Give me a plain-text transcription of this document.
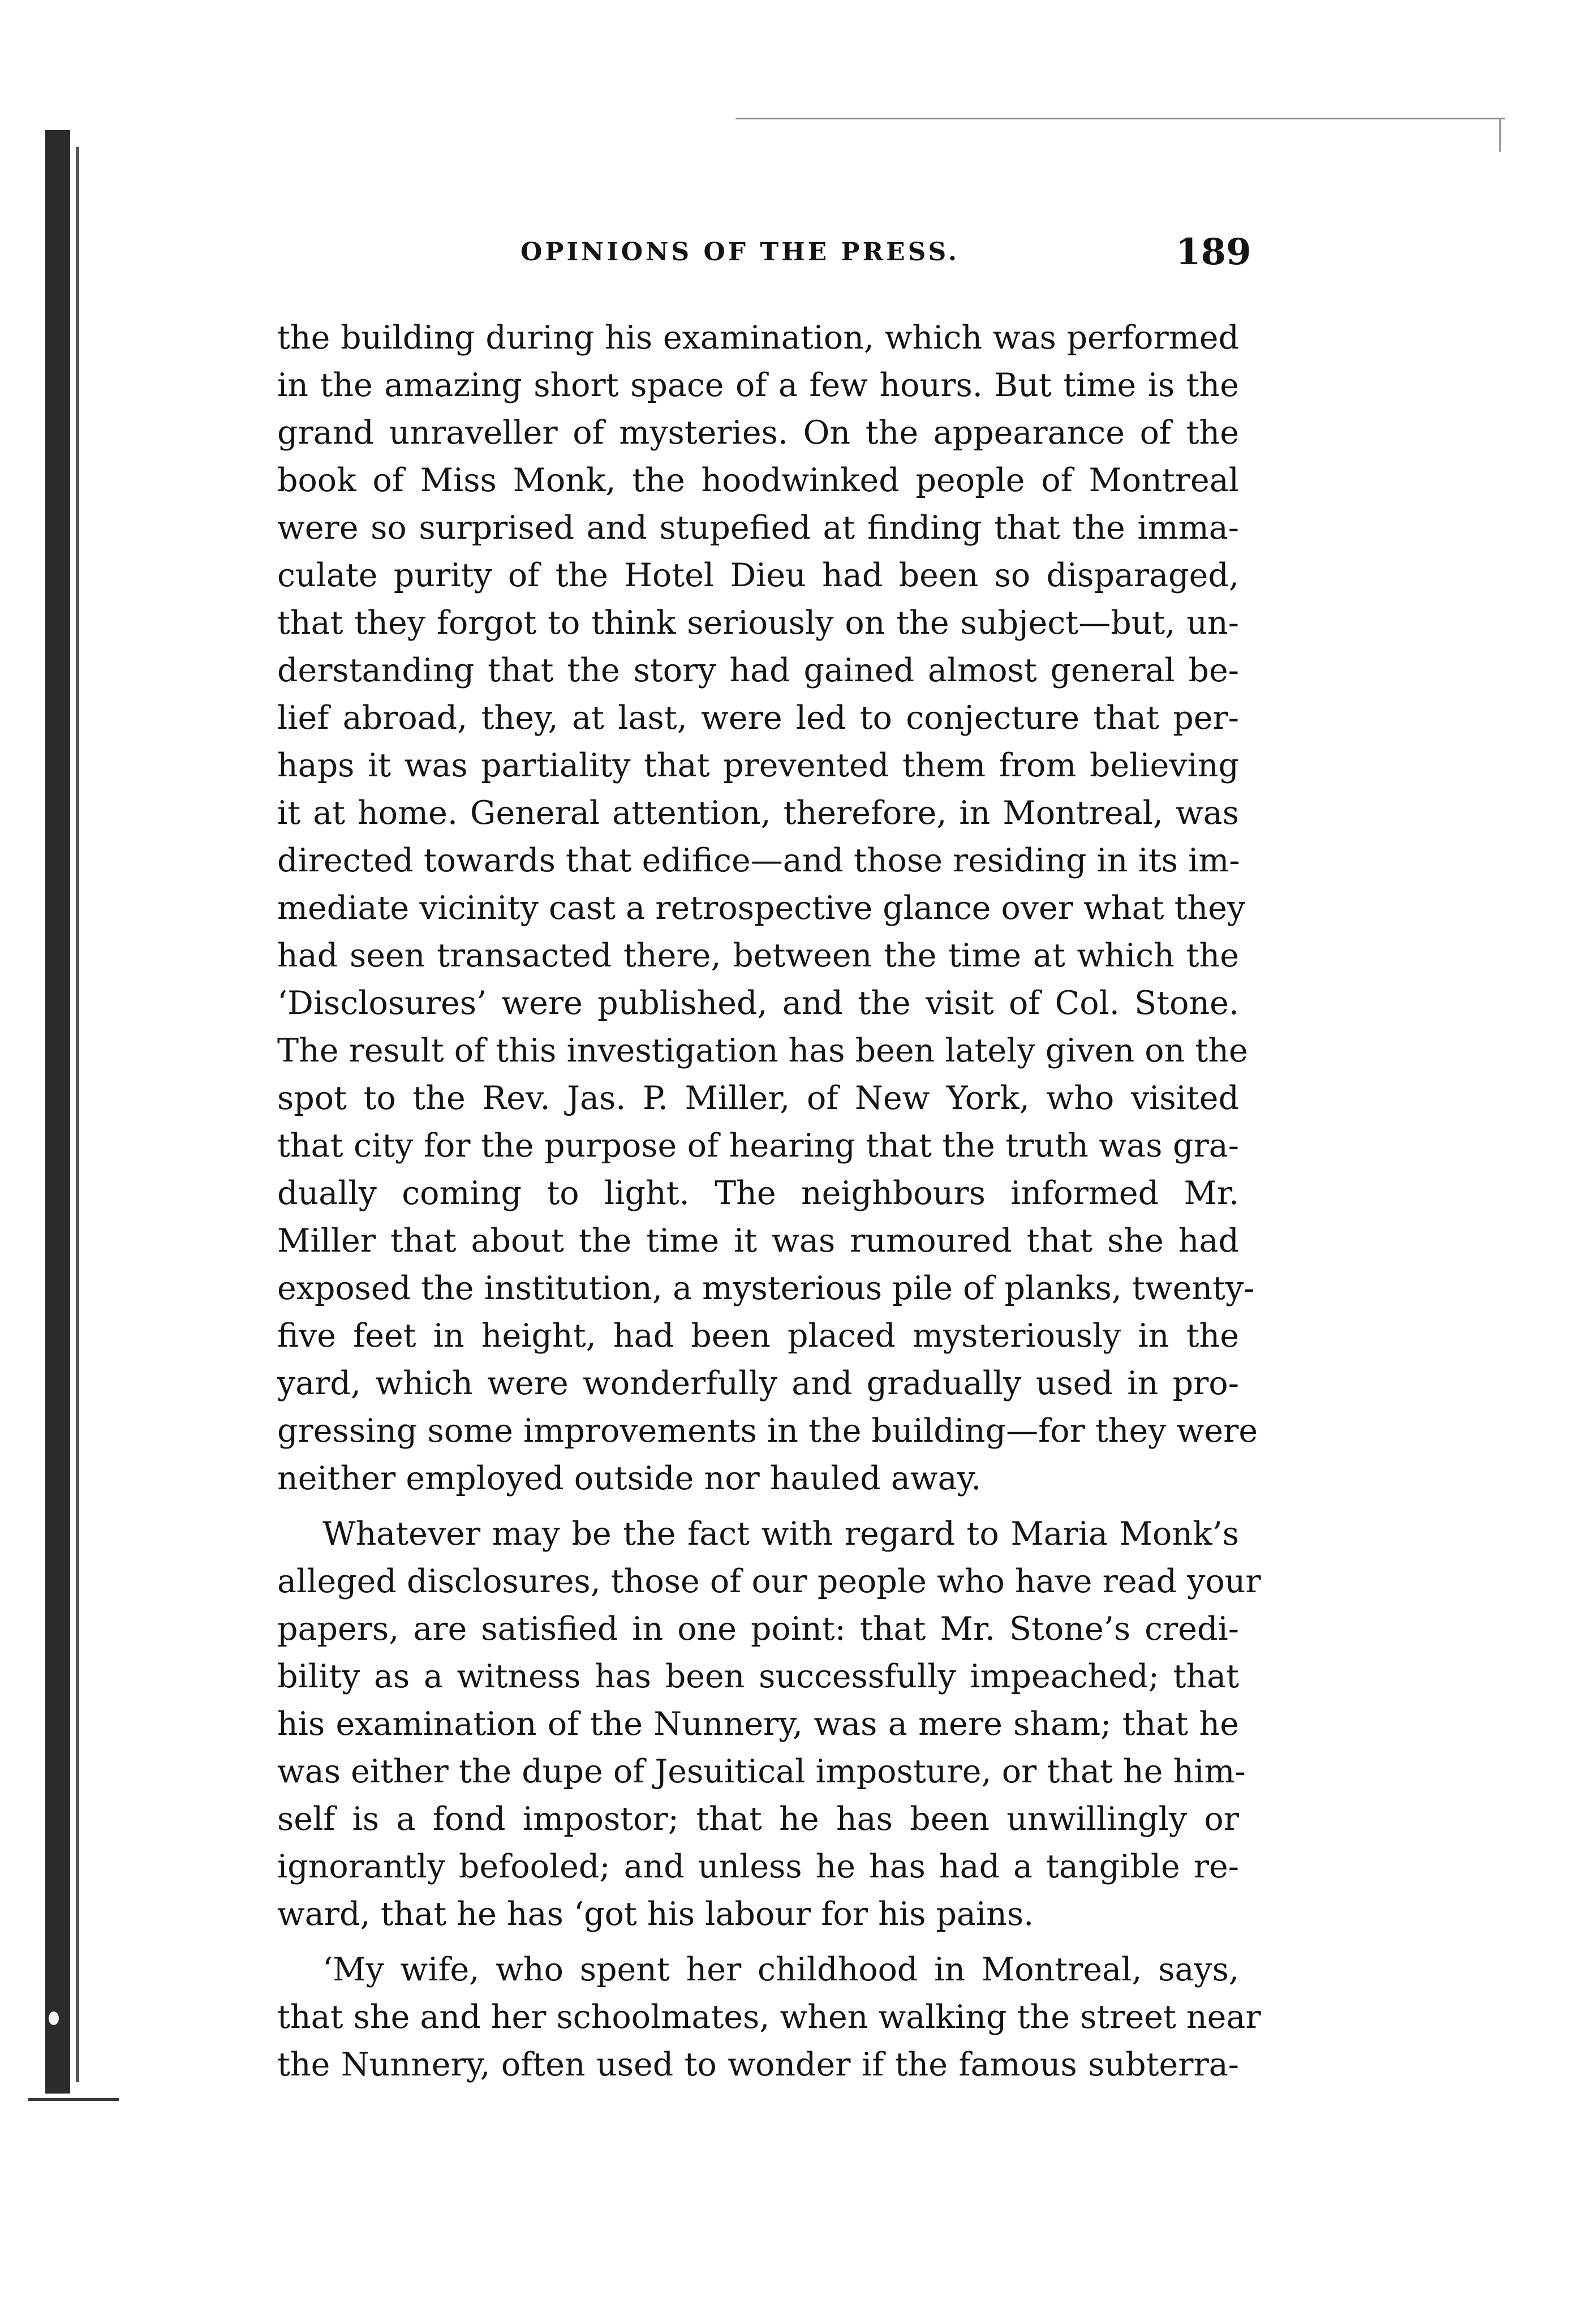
OPINIONS OF THE PRESS.	189
the building during his examination, which was performed
in the amazing short space of a few hours. But time is the
grand unraveller of mysteries. On the appearance of the
book of Miss Monk, the hoodwinked people of Montreal
were so surprised and stupefied at finding that the imma-
culate purity of the Hotel Dieu had been so disparaged,
that they forgot to think seriously on the subject—but, un-
derstanding that the story had gained almost general be-
lief abroad, they, at last, were led to conjecture that per-
haps it was partiality that prevented them from believing
it at home. General attention, therefore, in Montreal, was
directed towards that edifice—and those residing in its im-
mediate vicinity cast a retrospective glance over what they
had seen transacted there, between the time at which the
‘Disclosures’ were published, and the visit of Col. Stone.
The result of this investigation has been lately given on the
spot to the Rev. Jas. P. Miller, of New York, who visited
that city for the purpose of hearing that the truth was gra-
dually coming to light. The neighbours informed Mr.
Miller that about the time it was rumoured that she had
exposed the institution, a mysterious pile of planks, twenty-
five feet in height, had been placed mysteriously in the
yard, which were wonderfully and gradually used in pro-
gressing some improvements in the building—for they were
neither employed outside nor hauled away.
Whatever may be the fact with regard to Maria Monk’s
alleged disclosures, those of our people who have read your
papers, are satisfied in one point: that Mr. Stone’s credi-
bility as a witness has been successfully impeached; that
his examination of the Nunnery, was a mere sham; that he
was either the dupe of Jesuitical imposture, or that he him-
self is a fond impostor; that he has been unwillingly or
ignorantly befooled; and unless he has had a tangible re-
ward, that he has ‘got his labour for his pains.
‘My wife, who spent her childhood in Montreal, says,
that she and her schoolmates, when walking the street near
the Nunnery, often used to wonder if the famous subterra-
